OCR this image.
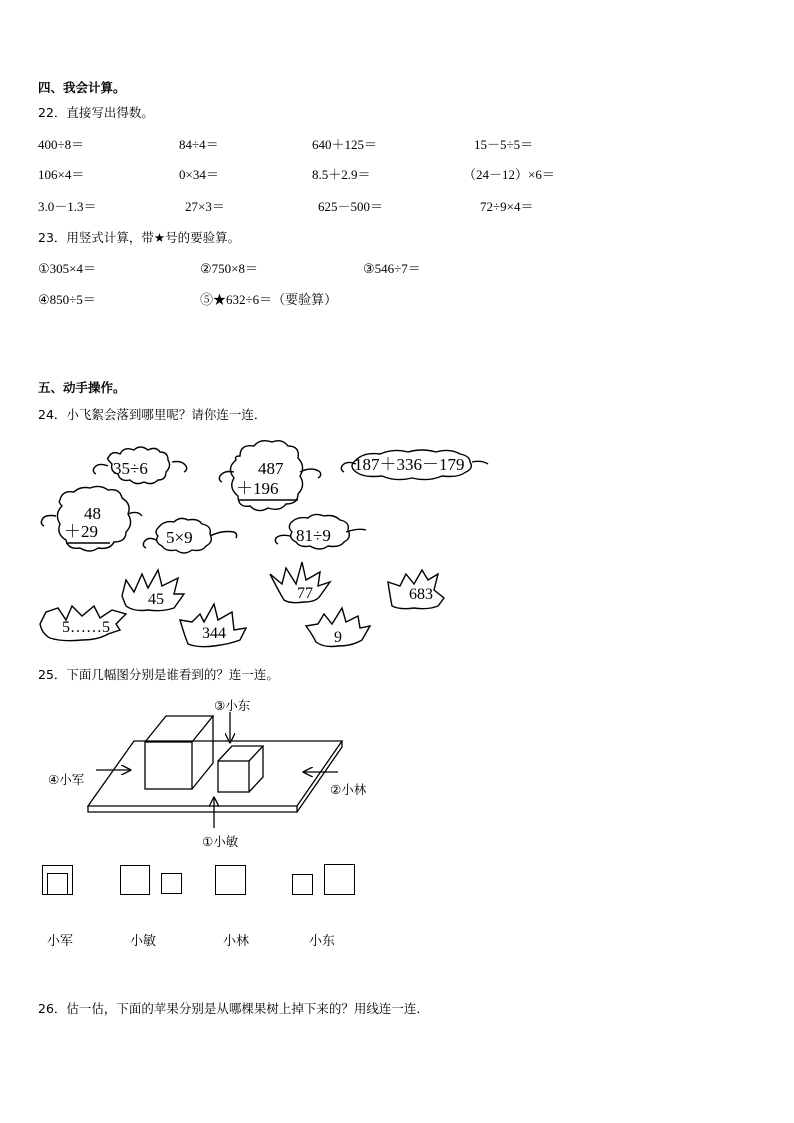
四、我会计算。
22．直接写出得数。
400÷8＝	84÷4＝	640＋125＝	15－5÷5＝
106×4＝	0×34＝	8.5＋2.9＝	（24－12）×6＝
3.0－1.3＝	27×3＝	625－500＝	72÷9×4＝
23．用竖式计算，带★号的要验算。
①305×4＝	②750×8＝	③546÷7＝
④850÷5＝	⑤★632÷6＝（要验算）
五、动手操作。
24．小飞絮会落到哪里呢？请你连一连．
35÷6	487
＋196
187＋336－179
48
＋29	5×9	81÷9
45	77	683
5……5	344	9
25．下面几幅图分别是谁看到的？连一连。
③小东
④小军
②小林
①小敏
小军	小敏	小林	小东
26．估一估，下面的苹果分别是从哪棵果树上掉下来的？用线连一连．
